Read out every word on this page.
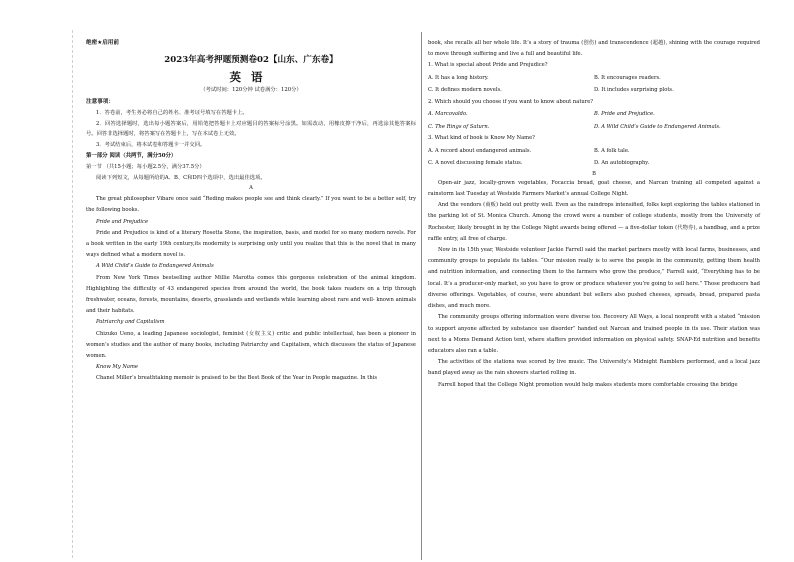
绝密★启用前
2023年高考押题预测卷02【山东、广东卷】
英语
（考试时间：120分钟 试卷满分：120分）
注意事项：

1．答卷前，考生务必将自己的姓名、准考证号填写在答题卡上。

2．回答选择题时，选出每小题答案后，用铅笔把答题卡上对应题目的答案标号涂黑。如需改动，用橡皮擦干净后，再选涂其他答案标号。回答非选择题时，将答案写在答题卡上，写在本试卷上无效。

3．考试结束后，将本试卷和答题卡一并交回。

第一部分 阅读（共两节，满分50分）

第一节 （共15小题；每小题2.5分，满分37.5分）

阅读下列短文，从每题所给的A、B、C和D四个选项中，选出最佳选项。

A

The great philosopher Vibare once said “Reding makes people see and think clearly.” If you want to be a better self, try the following books.

Pride and Prejudice

Pride and Prejudice is kind of a literary Rosetta Stone, the inspiration, basis, and model for so many modern novels. For a book written in the early 19th century,its modernity is surprising only until you realize that this is the novel that in many ways defined what a modern novel is.

A Wild Child’s Guide to Endangered Animals

From New York Times bestselling author Millie Marotta comes this gorgeous celebration of the animal kingdom. Highlighting the difficulty of 43 endangered species from around the world, the book takes readers on a trip through freshwater, oceans, forests, mountains, deserts, grasslands and wetlands while learning about rare and well- known animals and their habitats.

Patriarchy and Capitalism

Chizuko Ueno, a leading Japanese sociologist, feminist (女权主义) critic and public intellectual, has been a pioneer in women’s studies and the author of many books, including Patriarchy and Capitalism, which discusses the status of Japanese women.

Know My Name

Chanel Miller’s breathtaking memoir is praised to be the Best Book of the Year in People magazine. In this

book, she recalls all her whole life. It’s a story of trauma (创伤) and transcendence (超越), shining with the courage required to move through suffering and live a full and beautiful life.

1. What is special about Pride and Prejudice?

A. It has a long history.	B. It encourages readers.
C. It defines modern novels.	D. It includes surprising plots.

2. Which should you choose if you want to know about nature?

A. Marcovaldo.	B. Pride and Prejudice.
C. The Rings of Saturn.	D. A Wild Child’s Guide to Endangered Animals.

3. What kind of book is Know My Name?

A. A record about endangered animals.	B. A folk tale.
C. A novel discussing female status.	D. An autobiography.

B

Open-air jazz, locally-grown vegetables, Focaccia bread, goat cheese, and Narcan training all competed against a rainstorm last Tuesday at Westside Farmers Market’s annual College Night.

And the vendors (商贩) held out pretty well. Even as the raindrops intensified, folks kept exploring the tables stationed in the parking lot of St. Monica Church. Among the crowd were a number of college students, mostly from the University of Rochester, likely brought in by the College Night awards being offered — a five-dollar token (代物券), a handbag, and a prize raffle entry, all free of charge.

Now in its 15th year, Westside volunteer Jackie Farrell said the market partners mostly with local farms, businesses, and community groups to populate its tables. “Our mission really is to serve the people in the community, getting them health and nutrition information, and connecting them to the farmers who grow the produce,” Farrell said, “Everything has to be local. It’s a producer-only market, so you have to grow or produce whatever you’re going to sell here.” Those producers had diverse offerings. Vegetables, of course, were abundant but sellers also pushed cheeses, spreads, bread, prepared pasta dishes, and much more.

The community groups offering information were diverse too. Recovery All Ways, a local nonprofit with a stated “mission to support anyone affected by substance use disorder” handed out Narcan and trained people in its use. Their station was next to a Moms Demand Action tent, where staffers provided information on physical safety. SNAP-Ed nutrition and benefits educators also ran a table.

The activities of the stations was scored by live music. The University’s Midnight Ramblers performed, and a local jazz band played away as the rain showers started rolling in.

Farrell hoped that the College Night promotion would help makes students more comfortable crossing the bridge
